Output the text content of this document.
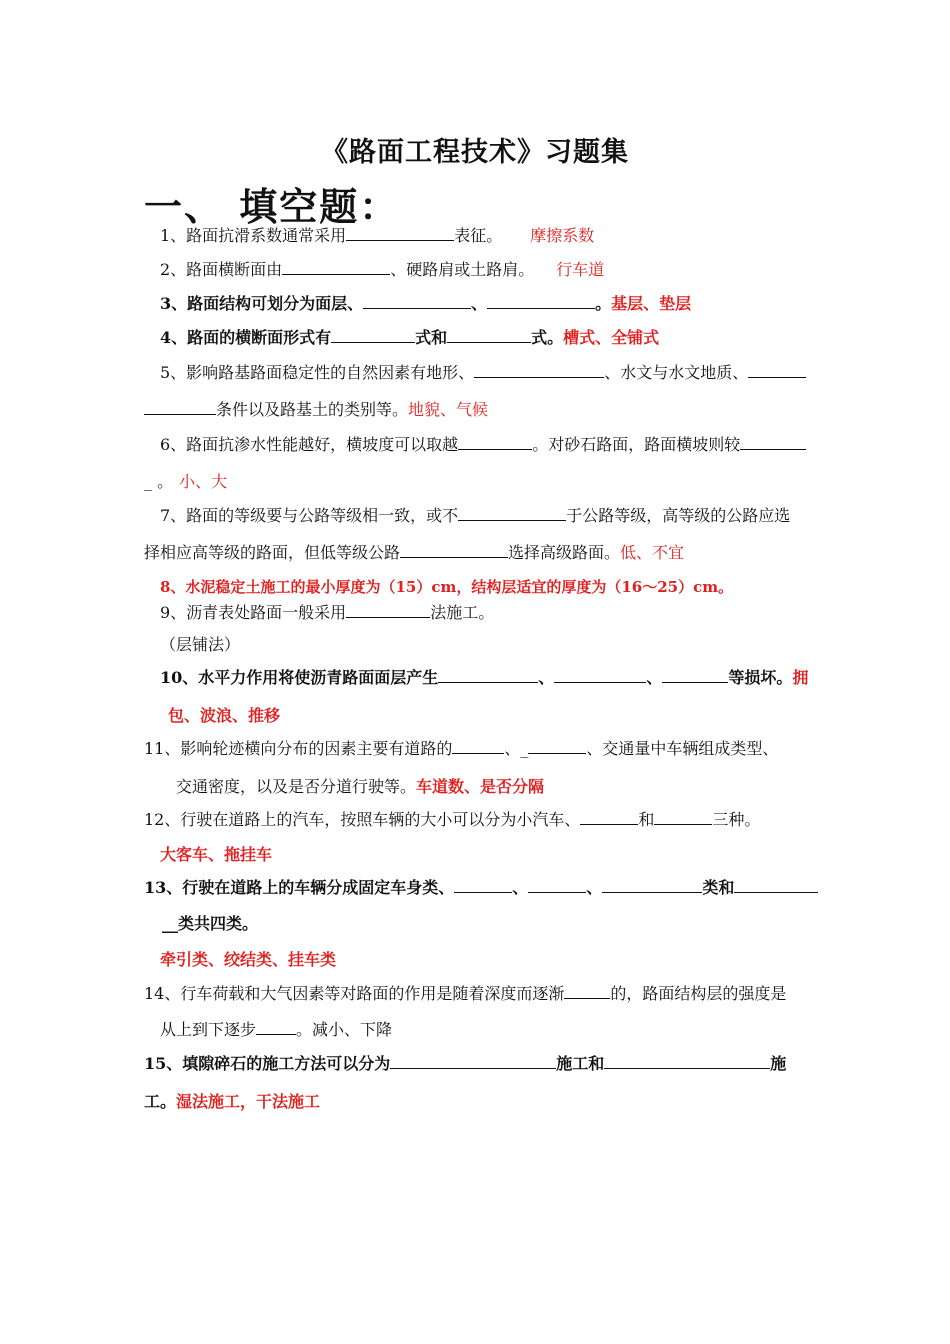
《路面工程技术》习题集
一、 填空题：
1、路面抗滑系数通常采用	表征。 摩擦系数
2、路面横断面由	、硬路肩或土路肩。 行车道
3、路面结构可划分为面层、	、	。基层、垫层
4、路面的横断面形式有	式和	式。槽式、全铺式
5、影响路基路面稳定性的自然因素有地形、	、水文与水文地质、
条件以及路基土的类别等。地貌、气候
6、路面抗渗水性能越好，横坡度可以取越	。对砂石路面，路面横坡则较
_ 。 小、大
7、路面的等级要与公路等级相一致，或不	于公路等级，高等级的公路应选
择相应高等级的路面，但低等级公路	选择高级路面。低、不宜
8、水泥稳定土施工的最小厚度为（15）cm，结构层适宜的厚度为（16～25）cm。
9、沥青表处路面一般采用	法施工。
（层铺法）
10、水平力作用将使沥青路面面层产生	、	、	等损坏。拥
包、波浪、推移
11、影响轮迹横向分布的因素主要有道路的	、_	、交通量中车辆组成类型、
交通密度，以及是否分道行驶等。车道数、是否分隔
12、行驶在道路上的汽车，按照车辆的大小可以分为小汽车、	和	三种。
大客车、拖挂车
13、行驶在道路上的车辆分成固定车身类、	、	、	类和
__类共四类。
牵引类、绞结类、挂车类
14、行车荷载和大气因素等对路面的作用是随着深度而逐渐	的，路面结构层的强度是
从上到下逐步	。减小、下降
15、填隙碎石的施工方法可以分为	施工和	施
工。湿法施工，干法施工
